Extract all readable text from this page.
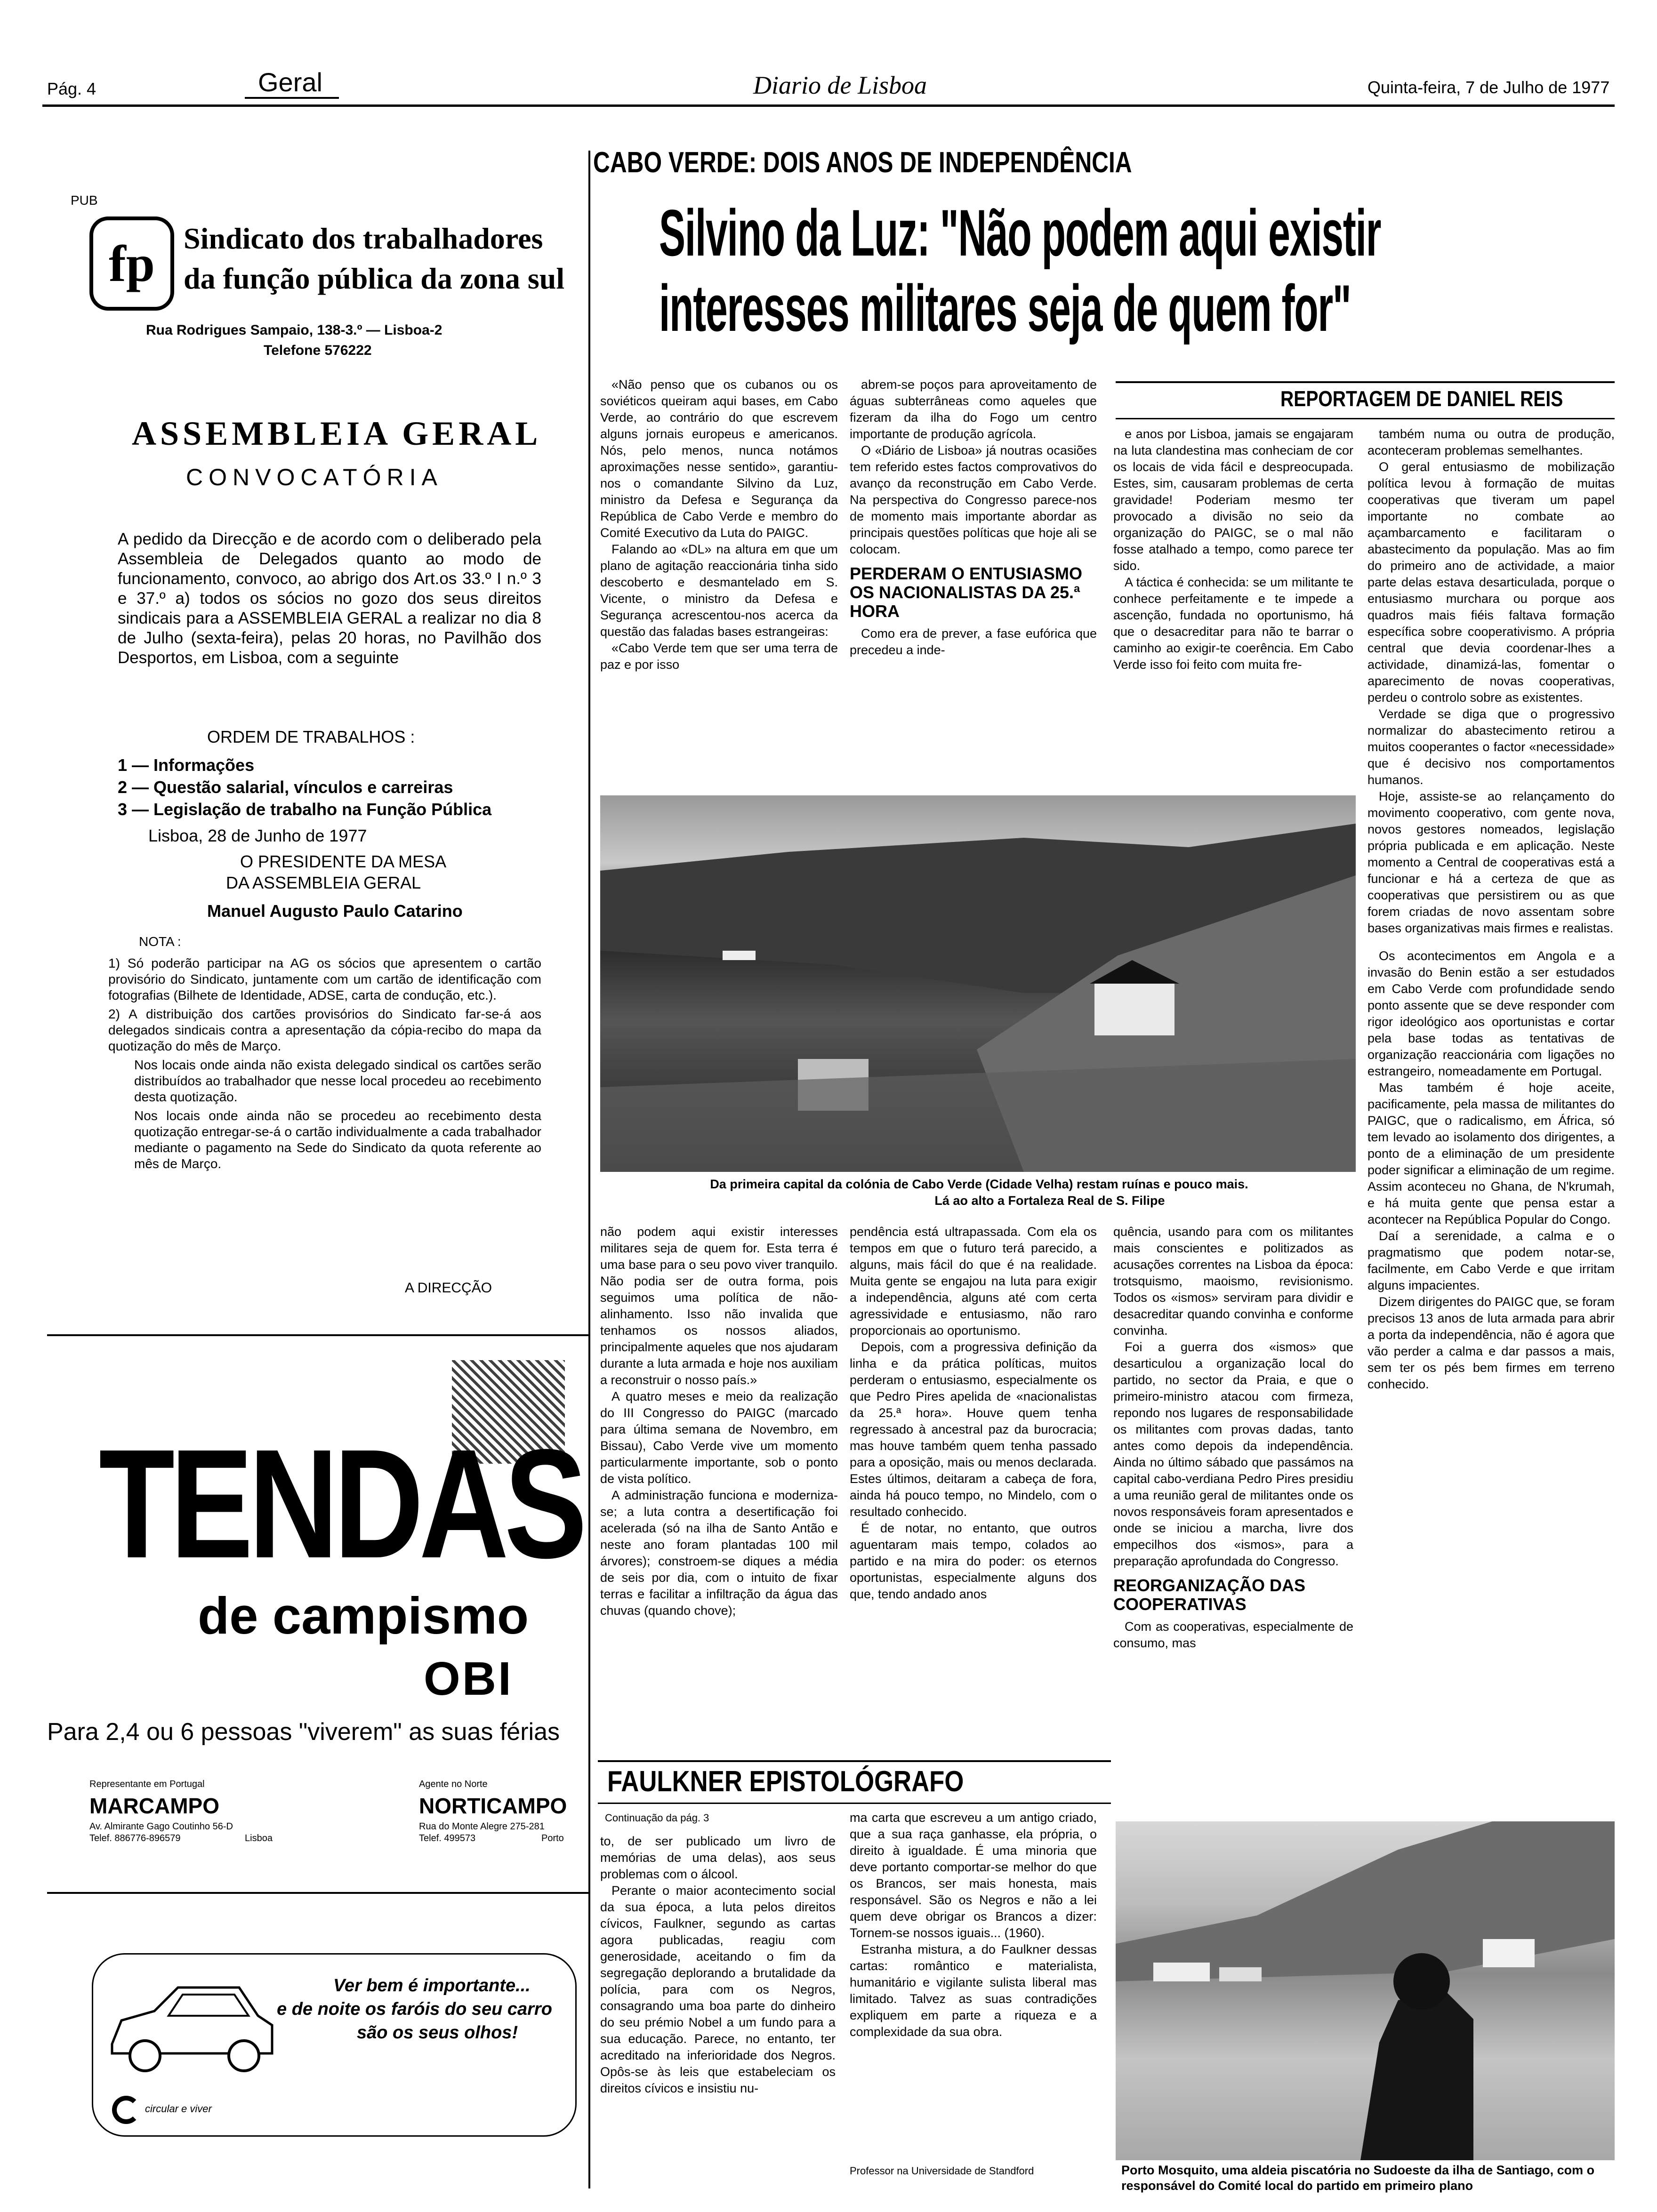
Pág. 4	Geral	Diario de Lisboa	Quinta-feira, 7 de Julho de 1977
PUB
fp Sindicato dos trabalhadores
da função pública da zona sul
Rua Rodrigues Sampaio, 138-3.º — Lisboa-2
Telefone 576222
ASSEMBLEIA GERAL
CONVOCATÓRIA

A pedido da Direcção e de acordo com o deliberado pela Assembleia de Delegados quanto ao modo de funcionamento, convoco, ao abrigo dos Art.os 33.º I n.º 3 e 37.º a) todos os sócios no gozo dos seus direitos sindicais para a ASSEMBLEIA GERAL a realizar no dia 8 de Julho (sexta-feira), pelas 20 horas, no Pavilhão dos Desportos, em Lisboa, com a seguinte

ORDEM DE TRABALHOS :
1 — Informações
2 — Questão salarial, vínculos e carreiras
3 — Legislação de trabalho na Função Pública
Lisboa, 28 de Junho de 1977
O PRESIDENTE DA MESA
DA ASSEMBLEIA GERAL
Manuel Augusto Paulo Catarino
NOTA :

1) Só poderão participar na AG os sócios que apresentem o cartão provisório do Sindicato, juntamente com um cartão de identificação com fotografias (Bilhete de Identidade, ADSE, carta de condução, etc.).

2) A distribuição dos cartões provisórios do Sindicato far-se-á aos delegados sindicais contra a apresentação da cópia-recibo do mapa da quotização do mês de Março.

Nos locais onde ainda não exista delegado sindical os cartões serão distribuídos ao trabalhador que nesse local procedeu ao recebimento desta quotização.

Nos locais onde ainda não se procedeu ao recebimento desta quotização entregar-se-á o cartão individualmente a cada trabalhador mediante o pagamento na Sede do Sindicato da quota referente ao mês de Março.

A DIRECÇÃO
TENDAS
de campismo
OBI
Para 2,4 ou 6 pessoas "viverem" as suas férias
Representante em Portugal
MARCAMPO
Av. Almirante Gago Coutinho 56-D
Telef. 886776-896579	Lisboa
Agente no Norte
NORTICAMPO
Rua do Monte Alegre 275-281
Telef. 499573	Porto
Ver bem é importante...
e de noite os faróis do seu carro
são os seus olhos!
circular e viver
CABO VERDE: DOIS ANOS DE INDEPENDÊNCIA
Silvino da Luz: "Não podem aqui existir
interesses militares seja de quem for"
REPORTAGEM DE DANIEL REIS

«Não penso que os cubanos ou os soviéticos queiram aqui bases, em Cabo Verde, ao contrário do que escrevem alguns jornais europeus e americanos. Nós, pelo menos, nunca notámos aproximações nesse sentido», garantiu-nos o comandante Silvino da Luz, ministro da Defesa e Segurança da República de Cabo Verde e membro do Comité Executivo da Luta do PAIGC.

Falando ao «DL» na altura em que um plano de agitação reaccionária tinha sido descoberto e desmantelado em S. Vicente, o ministro da Defesa e Segurança acrescentou-nos acerca da questão das faladas bases estrangeiras:

«Cabo Verde tem que ser uma terra de paz e por isso

abrem-se poços para aproveitamento de águas subterrâneas como aqueles que fizeram da ilha do Fogo um centro importante de produção agrícola.

O «Diário de Lisboa» já noutras ocasiões tem referido estes factos comprovativos do avanço da reconstrução em Cabo Verde. Na perspectiva do Congresso parece-nos de momento mais importante abordar as principais questões políticas que hoje ali se colocam.

PERDERAM O ENTUSIASMO OS NACIONALISTAS DA 25.ª HORA

Como era de prever, a fase eufórica que precedeu a inde-

e anos por Lisboa, jamais se engajaram na luta clandestina mas conheciam de cor os locais de vida fácil e despreocupada. Estes, sim, causaram problemas de certa gravidade! Poderiam mesmo ter provocado a divisão no seio da organização do PAIGC, se o mal não fosse atalhado a tempo, como parece ter sido.

A táctica é conhecida: se um militante te conhece perfeitamente e te impede a ascenção, fundada no oportunismo, há que o desacreditar para não te barrar o caminho ao exigir-te coerência. Em Cabo Verde isso foi feito com muita fre-

também numa ou outra de produção, aconteceram problemas semelhantes.

O geral entusiasmo de mobilização política levou à formação de muitas cooperativas que tiveram um papel importante no combate ao açambarcamento e facilitaram o abastecimento da população. Mas ao fim do primeiro ano de actividade, a maior parte delas estava desarticulada, porque o entusiasmo murchara ou porque aos quadros mais fiéis faltava formação específica sobre cooperativismo. A própria central que devia coordenar-lhes a actividade, dinamizá-las, fomentar o aparecimento de novas cooperativas, perdeu o controlo sobre as existentes.

Verdade se diga que o progressivo normalizar do abastecimento retirou a muitos cooperantes o factor «necessidade» que é decisivo nos comportamentos humanos.

Hoje, assiste-se ao relançamento do movimento cooperativo, com gente nova, novos gestores nomeados, legislação própria publicada e em aplicação. Neste momento a Central de cooperativas está a funcionar e há a certeza de que as cooperativas que persistirem ou as que forem criadas de novo assentam sobre bases organizativas mais firmes e realistas.

Os acontecimentos em Angola e a invasão do Benin estão a ser estudados em Cabo Verde com profundidade sendo ponto assente que se deve responder com rigor ideológico aos oportunistas e cortar pela base todas as tentativas de organização reaccionária com ligações no estrangeiro, nomeadamente em Portugal.

Mas também é hoje aceite, pacificamente, pela massa de militantes do PAIGC, que o radicalismo, em África, só tem levado ao isolamento dos dirigentes, a ponto de a eliminação de um presidente poder significar a eliminação de um regime. Assim aconteceu no Ghana, de N'krumah, e há muita gente que pensa estar a acontecer na República Popular do Congo.

Daí a serenidade, a calma e o pragmatismo que podem notar-se, facilmente, em Cabo Verde e que irritam alguns impacientes.

Dizem dirigentes do PAIGC que, se foram precisos 13 anos de luta armada para abrir a porta da independência, não é agora que vão perder a calma e dar passos a mais, sem ter os pés bem firmes em terreno conhecido.

Da primeira capital da colónia de Cabo Verde (Cidade Velha) restam ruínas e pouco mais.
Lá ao alto a Fortaleza Real de S. Filipe

não podem aqui existir interesses militares seja de quem for. Esta terra é uma base para o seu povo viver tranquilo. Não podia ser de outra forma, pois seguimos uma política de não-alinhamento. Isso não invalida que tenhamos os nossos aliados, principalmente aqueles que nos ajudaram durante a luta armada e hoje nos auxiliam a reconstruir o nosso país.»

A quatro meses e meio da realização do III Congresso do PAIGC (marcado para última semana de Novembro, em Bissau), Cabo Verde vive um momento particularmente importante, sob o ponto de vista político.

A administração funciona e moderniza-se; a luta contra a desertificação foi acelerada (só na ilha de Santo Antão e neste ano foram plantadas 100 mil árvores); constroem-se diques a média de seis por dia, com o intuito de fixar terras e facilitar a infiltração da água das chuvas (quando chove);

pendência está ultrapassada. Com ela os tempos em que o futuro terá parecido, a alguns, mais fácil do que é na realidade. Muita gente se engajou na luta para exigir a independência, alguns até com certa agressividade e entusiasmo, não raro proporcionais ao oportunismo.

Depois, com a progressiva definição da linha e da prática políticas, muitos perderam o entusiasmo, especialmente os que Pedro Pires apelida de «nacionalistas da 25.ª hora». Houve quem tenha regressado à ancestral paz da burocracia; mas houve também quem tenha passado para a oposição, mais ou menos declarada. Estes últimos, deitaram a cabeça de fora, ainda há pouco tempo, no Mindelo, com o resultado conhecido.

É de notar, no entanto, que outros aguentaram mais tempo, colados ao partido e na mira do poder: os eternos oportunistas, especialmente alguns dos que, tendo andado anos

quência, usando para com os militantes mais conscientes e politizados as acusações correntes na Lisboa da época: trotsquismo, maoismo, revisionismo. Todos os «ismos» serviram para dividir e desacreditar quando convinha e conforme convinha.

Foi a guerra dos «ismos» que desarticulou a organização local do partido, no sector da Praia, e que o primeiro-ministro atacou com firmeza, repondo nos lugares de responsabilidade os militantes com provas dadas, tanto antes como depois da independência. Ainda no último sábado que passámos na capital cabo-verdiana Pedro Pires presidiu a uma reunião geral de militantes onde os novos responsáveis foram apresentados e onde se iniciou a marcha, livre dos empecilhos dos «ismos», para a preparação aprofundada do Congresso.

REORGANIZAÇÃO DAS COOPERATIVAS

Com as cooperativas, especialmente de consumo, mas

FAULKNER EPISTOLÓGRAFO
Continuação da pág. 3

to, de ser publicado um livro de memórias de uma delas), aos seus problemas com o álcool.

Perante o maior acontecimento social da sua época, a luta pelos direitos cívicos, Faulkner, segundo as cartas agora publicadas, reagiu com generosidade, aceitando o fim da segregação deplorando a brutalidade da polícia, para com os Negros, consagrando uma boa parte do dinheiro do seu prémio Nobel a um fundo para a sua educação. Parece, no entanto, ter acreditado na inferioridade dos Negros. Opôs-se às leis que estabeleciam os direitos cívicos e insistiu nu-

ma carta que escreveu a um antigo criado, que a sua raça ganhasse, ela própria, o direito à igualdade. É uma minoria que deve portanto comportar-se melhor do que os Brancos, ser mais honesta, mais responsável. São os Negros e não a lei quem deve obrigar os Brancos a dizer: Tornem-se nossos iguais... (1960).

Estranha mistura, a do Faulkner dessas cartas: romântico e materialista, humanitário e vigilante sulista liberal mas limitado. Talvez as suas contradições expliquem em parte a riqueza e a complexidade da sua obra.

Professor na Universidade de Standford	Porto Mosquito, uma aldeia piscatória no Sudoeste da ilha de Santiago, com o responsável do Comité local do partido em primeiro plano
